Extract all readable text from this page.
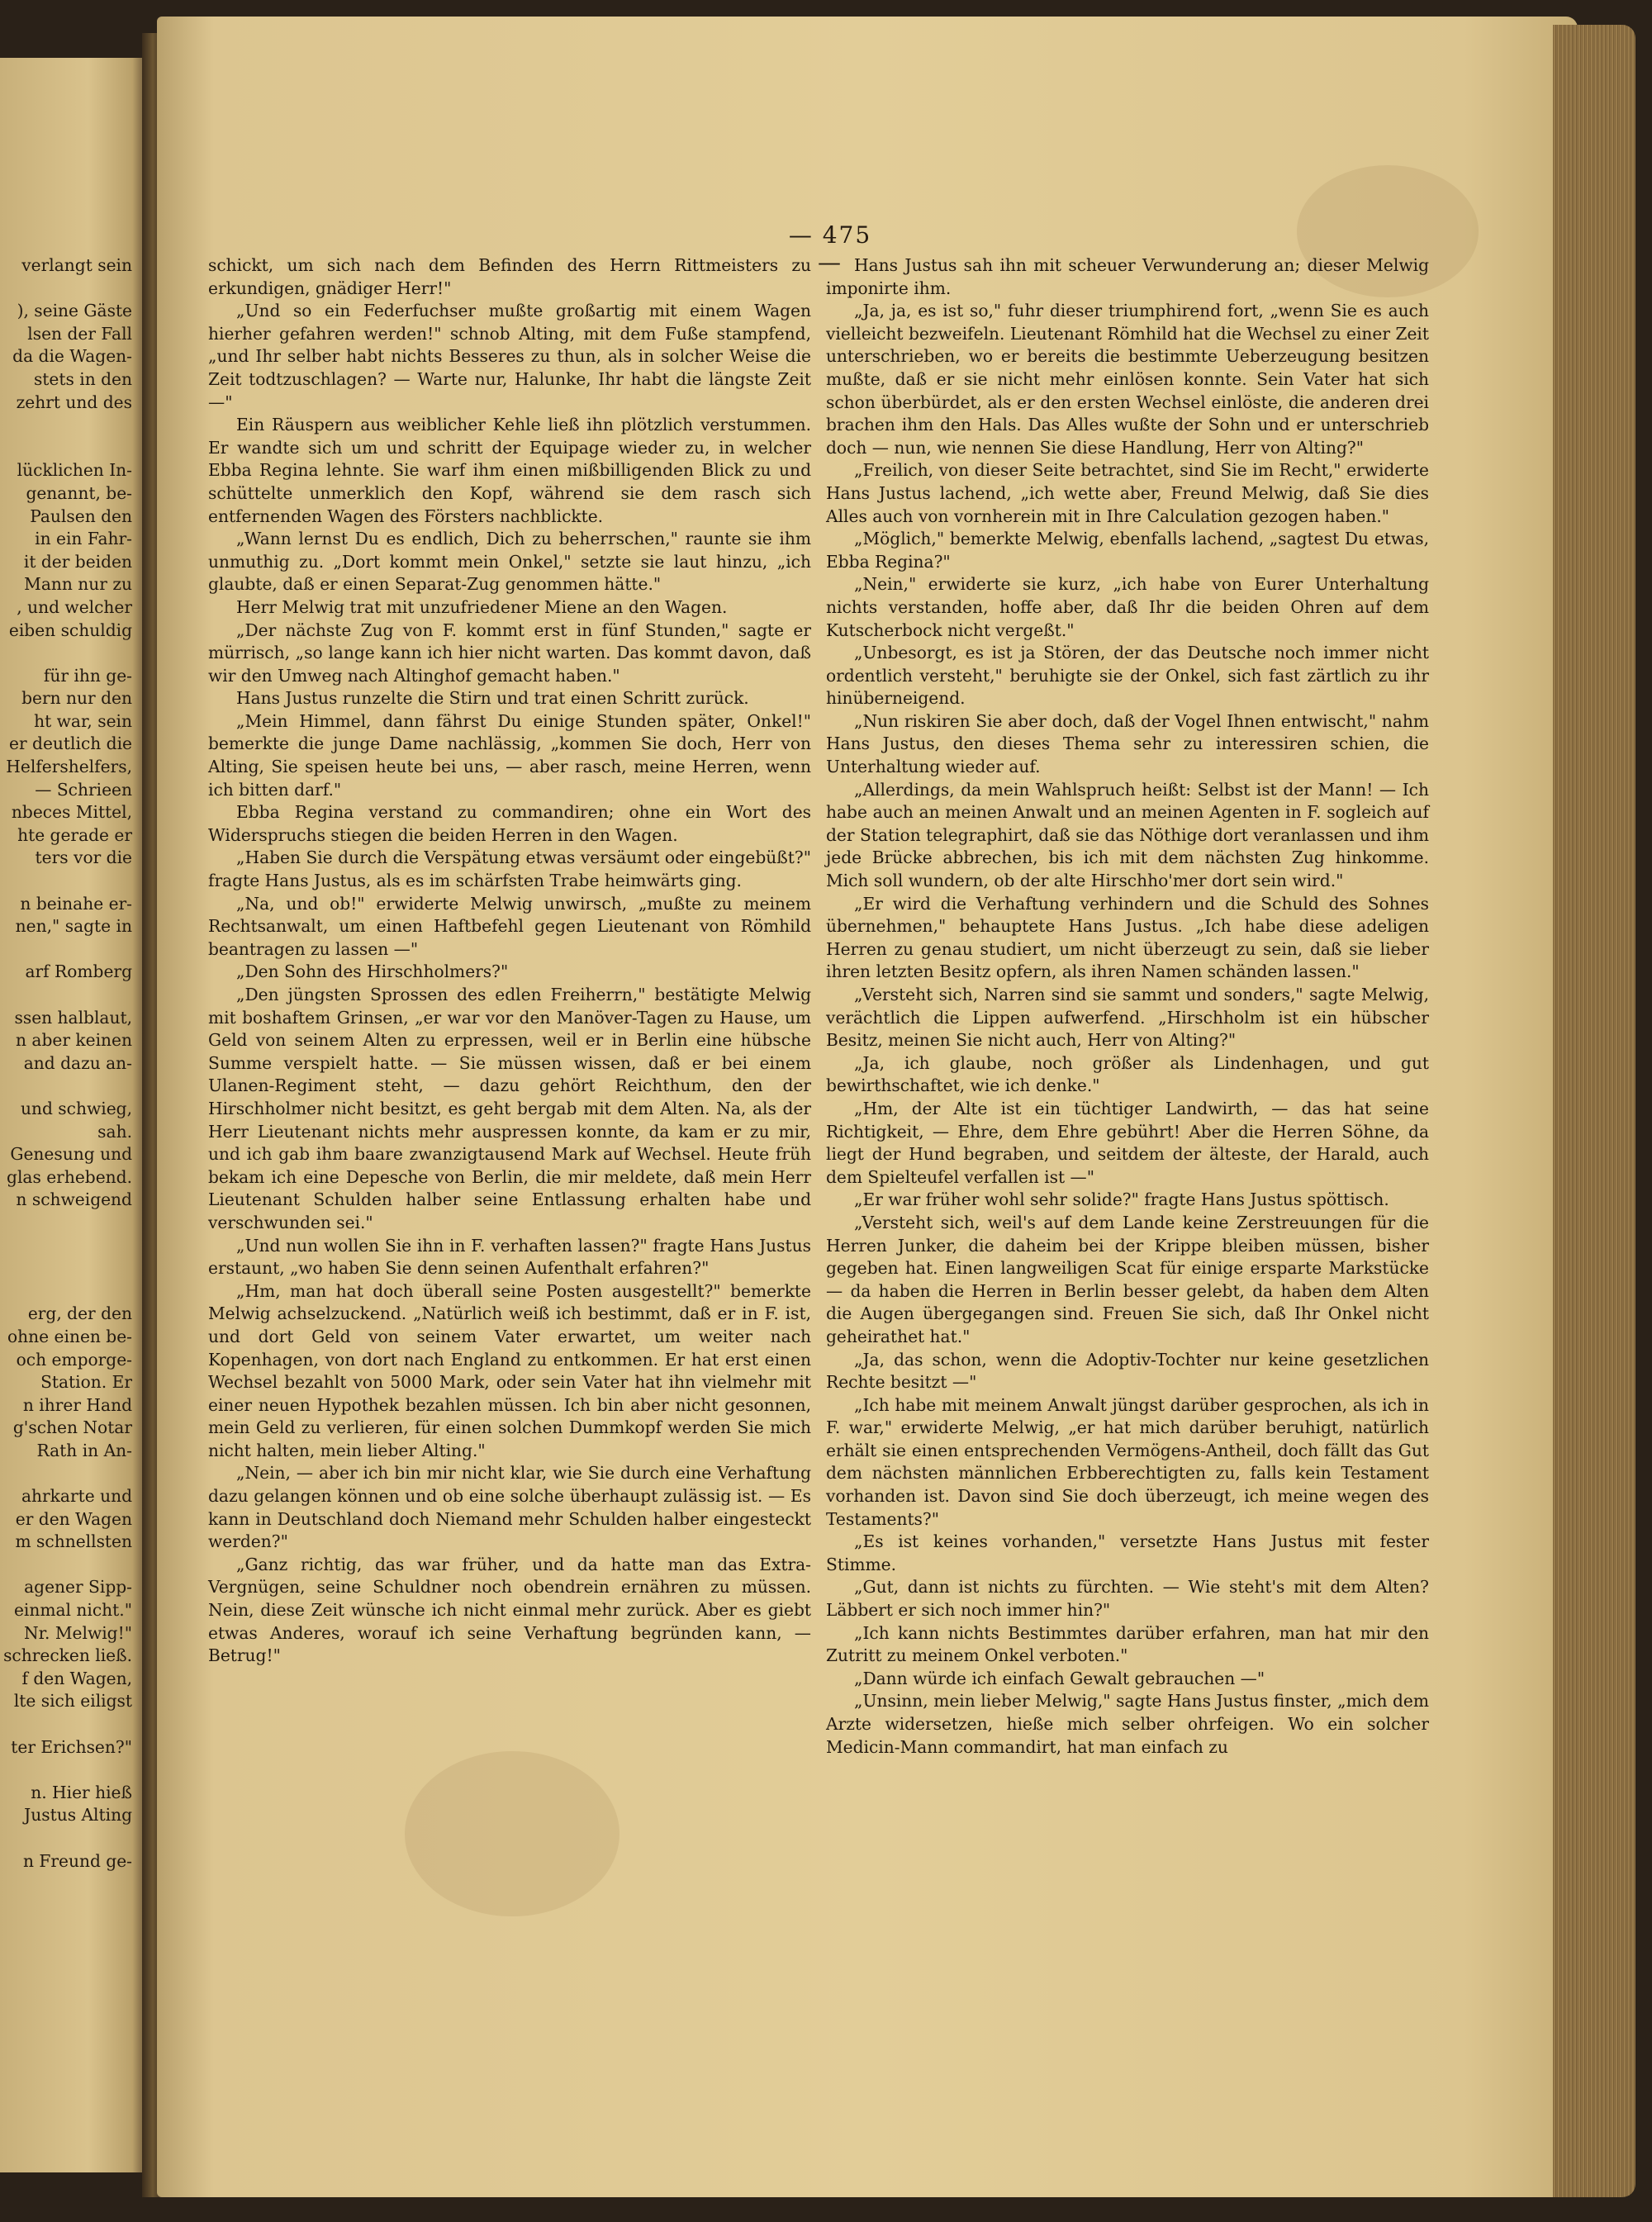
verlangt sein
), seine Gäste
lsen der Fall
da die Wagen-
stets in den
zehrt und des
lücklichen In-
genannt, be-
Paulsen den
in ein Fahr-
it der beiden
Mann nur zu
, und welcher
eiben schuldig
für ihn ge-
bern nur den
ht war, sein
er deutlich die
Helfershelfers,
— Schrieen
nbeces Mittel,
hte gerade er
ters vor die
n beinahe er-
nen," sagte in
arf Romberg
ssen halblaut,
n aber keinen
and dazu an-
und schwieg,
sah.
Genesung und
glas erhebend.
n schweigend
erg, der den
ohne einen be-
och emporge-
Station. Er
n ihrer Hand
g'schen Notar
Rath in An-
ahrkarte und
er den Wagen
m schnellsten
agener Sipp-
einmal nicht."
Nr. Melwig!"
schrecken ließ.
f den Wagen,
lte sich eiligst
ter Erichsen?"
n. Hier hieß
Justus Alting
n Freund ge-
— 475 —

schickt, um sich nach dem Befinden des Herrn Rittmeisters zu erkundigen, gnädiger Herr!"

„Und so ein Federfuchser mußte großartig mit einem Wagen hierher gefahren werden!" schnob Alting, mit dem Fuße stampfend, „und Ihr selber habt nichts Besseres zu thun, als in solcher Weise die Zeit todtzuschlagen? — Warte nur, Halunke, Ihr habt die längste Zeit —"

Ein Räuspern aus weiblicher Kehle ließ ihn plötzlich verstummen. Er wandte sich um und schritt der Equipage wieder zu, in welcher Ebba Regina lehnte. Sie warf ihm einen mißbilligenden Blick zu und schüttelte unmerklich den Kopf, während sie dem rasch sich entfernenden Wagen des Försters nachblickte.

„Wann lernst Du es endlich, Dich zu beherrschen," raunte sie ihm unmuthig zu. „Dort kommt mein Onkel," setzte sie laut hinzu, „ich glaubte, daß er einen Separat-Zug genommen hätte."

Herr Melwig trat mit unzufriedener Miene an den Wagen.

„Der nächste Zug von F. kommt erst in fünf Stunden," sagte er mürrisch, „so lange kann ich hier nicht warten. Das kommt davon, daß wir den Umweg nach Altinghof gemacht haben."

Hans Justus runzelte die Stirn und trat einen Schritt zurück.

„Mein Himmel, dann fährst Du einige Stunden später, Onkel!" bemerkte die junge Dame nachlässig, „kommen Sie doch, Herr von Alting, Sie speisen heute bei uns, — aber rasch, meine Herren, wenn ich bitten darf."

Ebba Regina verstand zu commandiren; ohne ein Wort des Widerspruchs stiegen die beiden Herren in den Wagen.

„Haben Sie durch die Verspätung etwas versäumt oder eingebüßt?" fragte Hans Justus, als es im schärfsten Trabe heimwärts ging.

„Na, und ob!" erwiderte Melwig unwirsch, „mußte zu meinem Rechtsanwalt, um einen Haftbefehl gegen Lieutenant von Römhild beantragen zu lassen —"

„Den Sohn des Hirschholmers?"

„Den jüngsten Sprossen des edlen Freiherrn," bestätigte Melwig mit boshaftem Grinsen, „er war vor den Manöver-Tagen zu Hause, um Geld von seinem Alten zu erpressen, weil er in Berlin eine hübsche Summe verspielt hatte. — Sie müssen wissen, daß er bei einem Ulanen-Regiment steht, — dazu gehört Reichthum, den der Hirschholmer nicht besitzt, es geht bergab mit dem Alten. Na, als der Herr Lieutenant nichts mehr auspressen konnte, da kam er zu mir, und ich gab ihm baare zwanzigtausend Mark auf Wechsel. Heute früh bekam ich eine Depesche von Berlin, die mir meldete, daß mein Herr Lieutenant Schulden halber seine Entlassung erhalten habe und verschwunden sei."

„Und nun wollen Sie ihn in F. verhaften lassen?" fragte Hans Justus erstaunt, „wo haben Sie denn seinen Aufenthalt erfahren?"

„Hm, man hat doch überall seine Posten ausgestellt?" bemerkte Melwig achselzuckend. „Natürlich weiß ich bestimmt, daß er in F. ist, und dort Geld von seinem Vater erwartet, um weiter nach Kopenhagen, von dort nach England zu entkommen. Er hat erst einen Wechsel bezahlt von 5000 Mark, oder sein Vater hat ihn vielmehr mit einer neuen Hypothek bezahlen müssen. Ich bin aber nicht gesonnen, mein Geld zu verlieren, für einen solchen Dummkopf werden Sie mich nicht halten, mein lieber Alting."

„Nein, — aber ich bin mir nicht klar, wie Sie durch eine Verhaftung dazu gelangen können und ob eine solche überhaupt zulässig ist. — Es kann in Deutschland doch Niemand mehr Schulden halber eingesteckt werden?"

„Ganz richtig, das war früher, und da hatte man das Extra-Vergnügen, seine Schuldner noch obendrein ernähren zu müssen. Nein, diese Zeit wünsche ich nicht einmal mehr zurück. Aber es giebt etwas Anderes, worauf ich seine Verhaftung begründen kann, — Betrug!"

Hans Justus sah ihn mit scheuer Verwunderung an; dieser Melwig imponirte ihm.

„Ja, ja, es ist so," fuhr dieser triumphirend fort, „wenn Sie es auch vielleicht bezweifeln. Lieutenant Römhild hat die Wechsel zu einer Zeit unterschrieben, wo er bereits die bestimmte Ueberzeugung besitzen mußte, daß er sie nicht mehr einlösen konnte. Sein Vater hat sich schon überbürdet, als er den ersten Wechsel einlöste, die anderen drei brachen ihm den Hals. Das Alles wußte der Sohn und er unterschrieb doch — nun, wie nennen Sie diese Handlung, Herr von Alting?"

„Freilich, von dieser Seite betrachtet, sind Sie im Recht," erwiderte Hans Justus lachend, „ich wette aber, Freund Melwig, daß Sie dies Alles auch von vornherein mit in Ihre Calculation gezogen haben."

„Möglich," bemerkte Melwig, ebenfalls lachend, „sagtest Du etwas, Ebba Regina?"

„Nein," erwiderte sie kurz, „ich habe von Eurer Unterhaltung nichts verstanden, hoffe aber, daß Ihr die beiden Ohren auf dem Kutscherbock nicht vergeßt."

„Unbesorgt, es ist ja Stören, der das Deutsche noch immer nicht ordentlich versteht," beruhigte sie der Onkel, sich fast zärtlich zu ihr hinüberneigend.

„Nun riskiren Sie aber doch, daß der Vogel Ihnen entwischt," nahm Hans Justus, den dieses Thema sehr zu interessiren schien, die Unterhaltung wieder auf.

„Allerdings, da mein Wahlspruch heißt: Selbst ist der Mann! — Ich habe auch an meinen Anwalt und an meinen Agenten in F. sogleich auf der Station telegraphirt, daß sie das Nöthige dort veranlassen und ihm jede Brücke abbrechen, bis ich mit dem nächsten Zug hinkomme. Mich soll wundern, ob der alte Hirschho'mer dort sein wird."

„Er wird die Verhaftung verhindern und die Schuld des Sohnes übernehmen," behauptete Hans Justus. „Ich habe diese adeligen Herren zu genau studiert, um nicht überzeugt zu sein, daß sie lieber ihren letzten Besitz opfern, als ihren Namen schänden lassen."

„Versteht sich, Narren sind sie sammt und sonders," sagte Melwig, verächtlich die Lippen aufwerfend. „Hirschholm ist ein hübscher Besitz, meinen Sie nicht auch, Herr von Alting?"

„Ja, ich glaube, noch größer als Lindenhagen, und gut bewirthschaftet, wie ich denke."

„Hm, der Alte ist ein tüchtiger Landwirth, — das hat seine Richtigkeit, — Ehre, dem Ehre gebührt! Aber die Herren Söhne, da liegt der Hund begraben, und seitdem der älteste, der Harald, auch dem Spielteufel verfallen ist —"

„Er war früher wohl sehr solide?" fragte Hans Justus spöttisch.

„Versteht sich, weil's auf dem Lande keine Zerstreuungen für die Herren Junker, die daheim bei der Krippe bleiben müssen, bisher gegeben hat. Einen langweiligen Scat für einige ersparte Markstücke — da haben die Herren in Berlin besser gelebt, da haben dem Alten die Augen übergegangen sind. Freuen Sie sich, daß Ihr Onkel nicht geheirathet hat."

„Ja, das schon, wenn die Adoptiv-Tochter nur keine gesetzlichen Rechte besitzt —"

„Ich habe mit meinem Anwalt jüngst darüber gesprochen, als ich in F. war," erwiderte Melwig, „er hat mich darüber beruhigt, natürlich erhält sie einen entsprechenden Vermögens-Antheil, doch fällt das Gut dem nächsten männlichen Erbberechtigten zu, falls kein Testament vorhanden ist. Davon sind Sie doch überzeugt, ich meine wegen des Testaments?"

„Es ist keines vorhanden," versetzte Hans Justus mit fester Stimme.

„Gut, dann ist nichts zu fürchten. — Wie steht's mit dem Alten? Läbbert er sich noch immer hin?"

„Ich kann nichts Bestimmtes darüber erfahren, man hat mir den Zutritt zu meinem Onkel verboten."

„Dann würde ich einfach Gewalt gebrauchen —"

„Unsinn, mein lieber Melwig," sagte Hans Justus finster, „mich dem Arzte widersetzen, hieße mich selber ohrfeigen. Wo ein solcher Medicin-Mann commandirt, hat man einfach zu
